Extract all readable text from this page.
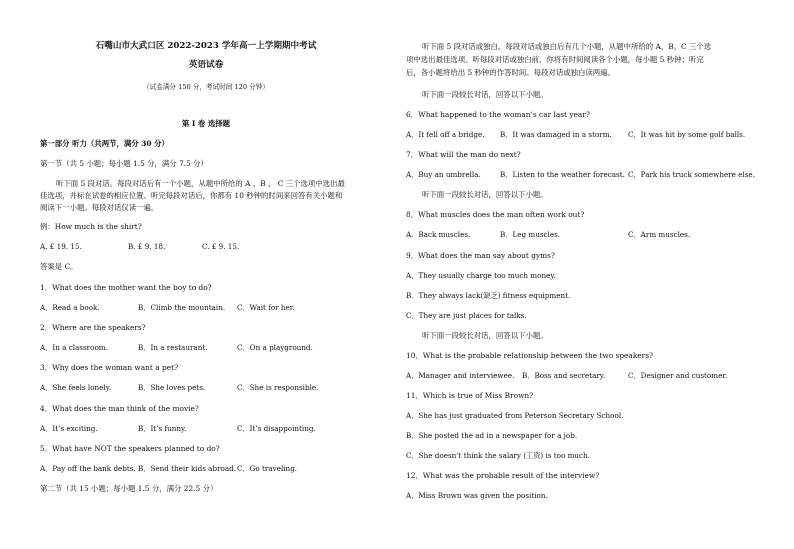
石嘴山市大武口区 2022-2023 学年高一上学期期中考试
英语试卷
（试卷满分 150 分，考试时间 120 分钟）
第 I 卷 选择题
第一部分 听力（共两节，满分 30 分）
第一节（共 5 小题；每小题 1.5 分，满分 7.5 分）
听下面 5 段对话。每段对话后有一个小题，从题中所给的 A 、B 、 C 三个选项中选出最
佳选项，并标在试卷的相应位置。听完每段对话后，你都有 10 秒钟的时间来回答有关小题和
阅读下一小题。每段对话仅读一遍。
例：How much is the shirt?
A. £ 19. 15.	B. £ 9. 18.	C. £ 9. 15.
答案是 C。
1．What does the mother want the boy to do?
A．Read a book.	B．Climb the mountain. C．Wait for her.
2．Where are the speakers?
A．In a classroom.	B．In a restaurant.	C．On a playground.
3．Why does the woman want a pet?
A．She feels lonely.	B．She loves pets.	C．She is responsible.
4．What does the man think of the movie?
A．It’s exciting.	B．It’s funny.	C．It’s disappointing.
5．What have NOT the speakers planned to do?
A．Pay off the bank debts. B．Send their kids abroad. C．Go traveling.
第二节（共 15 小题；每小题 1.5 分，满分 22.5 分）
听下面 5 段对话或独白。每段对话或独白后有几个小题，从题中所给的 A、B、C 三个选
项中选出最佳选项。听每段对话或独白前，你将有时间阅读各个小题，每小题 5 秒钟；听完
后，各小题将给出 5 秒钟的作答时间。每段对话或独白读两遍。
听下面一段较长对话，回答以下小题。
6．What happened to the woman’s car last year?
A．It fell off a bridge. B．It was damaged in a storm. C．It was hit by some golf balls.
7．What will the man do next?
A．Buy an umbrella.	B．Listen to the weather forecast. C．Park his truck somewhere else.
听下面一段较长对话，回答以下小题。
8．What muscles does the man often work out?
A．Back muscles.	B．Leg muscles.	C．Arm muscles.
9．What does the man say about gyms?
A．They usually charge too much money.
B．They always lack(缺乏) fitness equipment.
C．They are just places for talks.
听下面一段较长对话，回答以下小题。
10．What is the probable relationship between the two speakers?
A．Manager and interviewee. B．Boss and secretary.	C．Designer and customer.
11．Which is true of Miss Brown?
A．She has just graduated from Peterson Secretary School.
B．She posted the ad in a newspaper for a job.
C．She doesn’t think the salary (工资) is too much.
12．What was the probable result of the interview?
A．Miss Brown was given the position.
